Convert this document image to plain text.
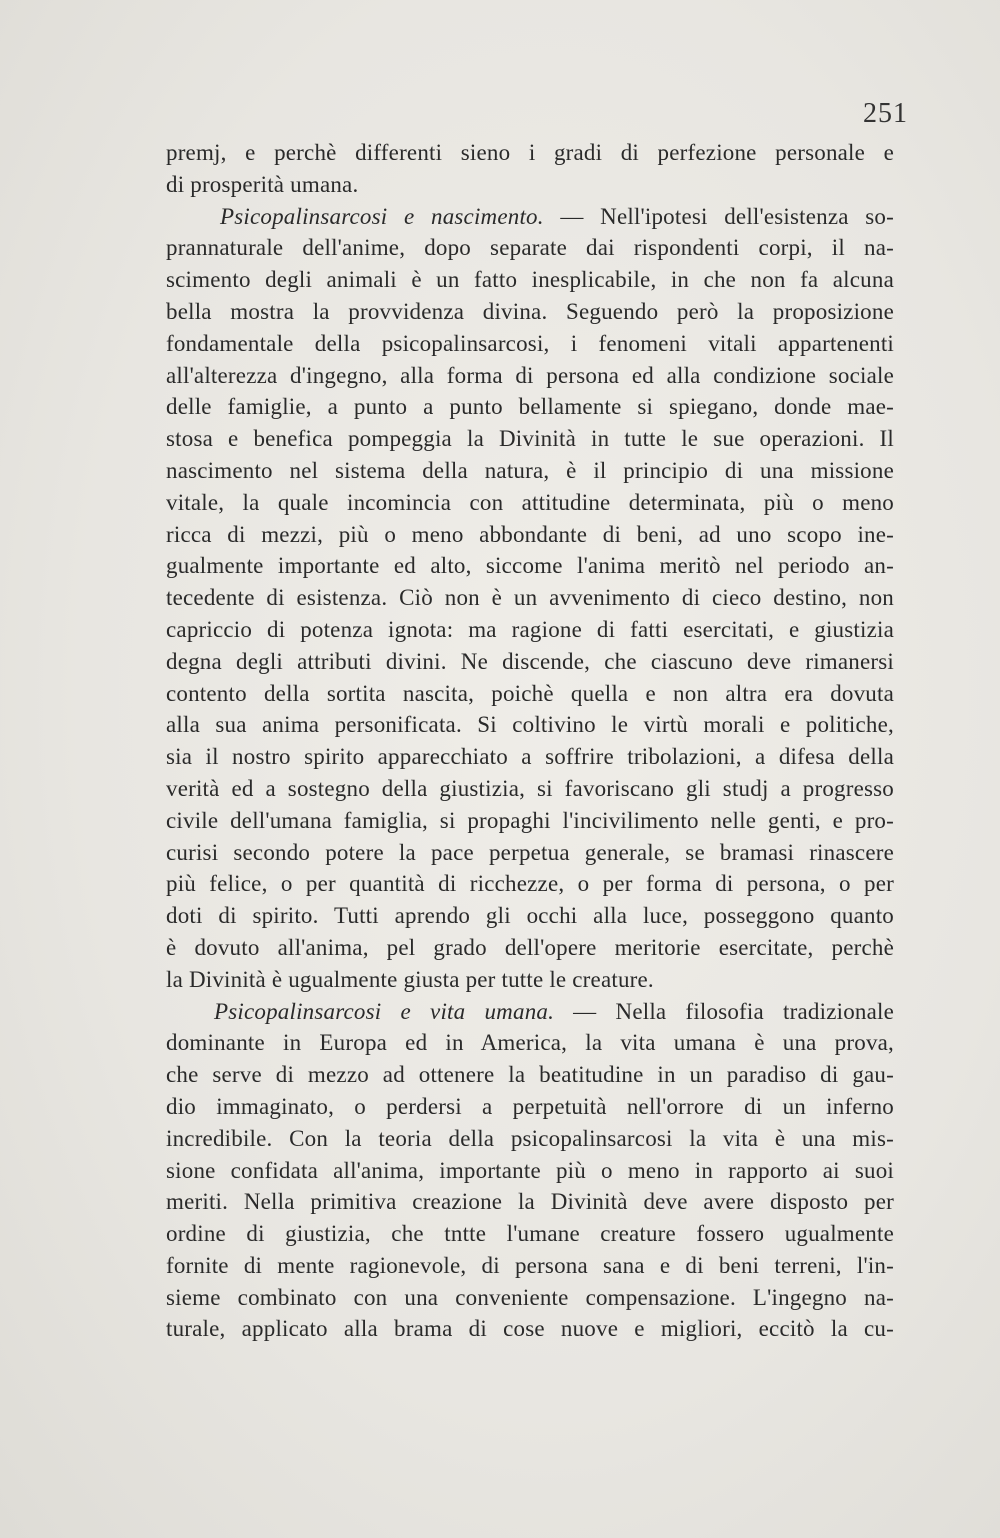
251
premj, e perchè differenti sieno i gradi di perfezione personale e
di prosperità umana.
Psicopalinsarcosi e nascimento. — Nell'ipotesi dell'esistenza so-
prannaturale dell'anime, dopo separate dai rispondenti corpi, il na-
scimento degli animali è un fatto inesplicabile, in che non fa alcuna
bella mostra la provvidenza divina. Seguendo però la proposizione
fondamentale della psicopalinsarcosi, i fenomeni vitali appartenenti
all'alterezza d'ingegno, alla forma di persona ed alla condizione sociale
delle famiglie, a punto a punto bellamente si spiegano, donde mae-
stosa e benefica pompeggia la Divinità in tutte le sue operazioni. Il
nascimento nel sistema della natura, è il principio di una missione
vitale, la quale incomincia con attitudine determinata, più o meno
ricca di mezzi, più o meno abbondante di beni, ad uno scopo ine-
gualmente importante ed alto, siccome l'anima meritò nel periodo an-
tecedente di esistenza. Ciò non è un avvenimento di cieco destino, non
capriccio di potenza ignota: ma ragione di fatti esercitati, e giustizia
degna degli attributi divini. Ne discende, che ciascuno deve rimanersi
contento della sortita nascita, poichè quella e non altra era dovuta
alla sua anima personificata. Si coltivino le virtù morali e politiche,
sia il nostro spirito apparecchiato a soffrire tribolazioni, a difesa della
verità ed a sostegno della giustizia, si favoriscano gli studj a progresso
civile dell'umana famiglia, si propaghi l'incivilimento nelle genti, e pro-
curisi secondo potere la pace perpetua generale, se bramasi rinascere
più felice, o per quantità di ricchezze, o per forma di persona, o per
doti di spirito. Tutti aprendo gli occhi alla luce, posseggono quanto
è dovuto all'anima, pel grado dell'opere meritorie esercitate, perchè
la Divinità è ugualmente giusta per tutte le creature.
Psicopalinsarcosi e vita umana. — Nella filosofia tradizionale
dominante in Europa ed in America, la vita umana è una prova,
che serve di mezzo ad ottenere la beatitudine in un paradiso di gau-
dio immaginato, o perdersi a perpetuità nell'orrore di un inferno
incredibile. Con la teoria della psicopalinsarcosi la vita è una mis-
sione confidata all'anima, importante più o meno in rapporto ai suoi
meriti. Nella primitiva creazione la Divinità deve avere disposto per
ordine di giustizia, che tntte l'umane creature fossero ugualmente
fornite di mente ragionevole, di persona sana e di beni terreni, l'in-
sieme combinato con una conveniente compensazione. L'ingegno na-
turale, applicato alla brama di cose nuove e migliori, eccitò la cu-
